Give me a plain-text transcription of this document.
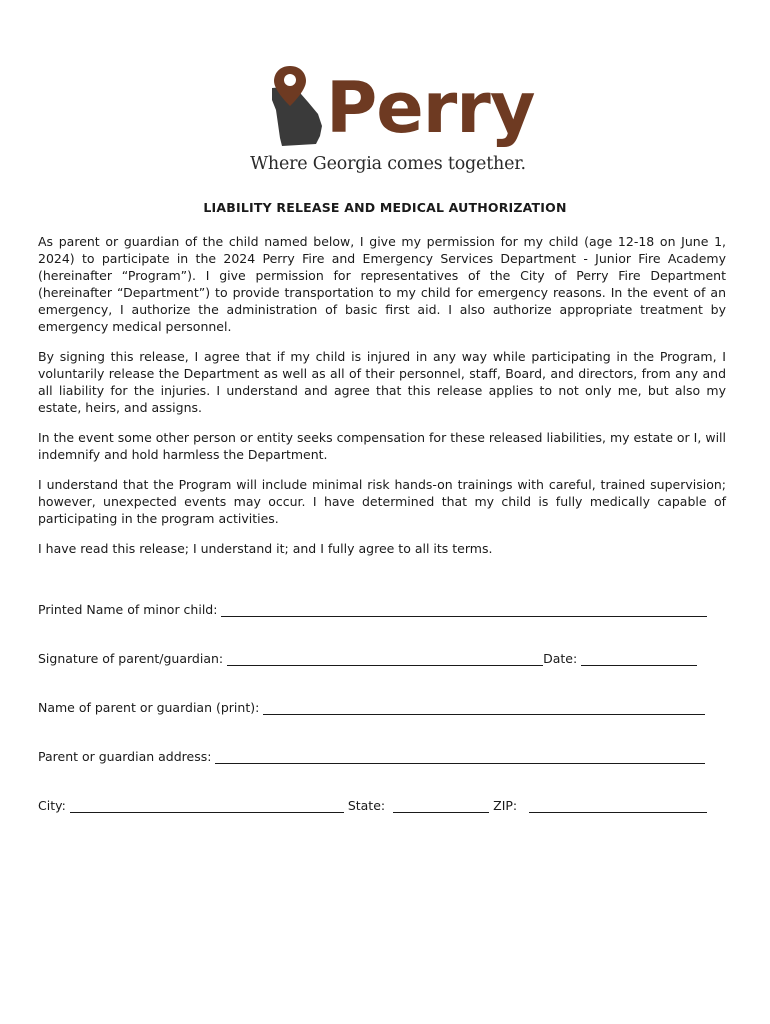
Perry
Where Georgia comes together.
LIABILITY RELEASE AND MEDICAL AUTHORIZATION

As parent or guardian of the child named below, I give my permission for my child (age 12-18 on June 1, 2024) to participate in the 2024 Perry Fire and Emergency Services Department - Junior Fire Academy (hereinafter “Program”). I give permission for representatives of the City of Perry Fire Department (hereinafter “Department”) to provide transportation to my child for emergency reasons. In the event of an emergency, I authorize the administration of basic first aid. I also authorize appropriate treatment by emergency medical personnel.

By signing this release, I agree that if my child is injured in any way while participating in the Program, I voluntarily release the Department as well as all of their personnel, staff, Board, and directors, from any and all liability for the injuries. I understand and agree that this release applies to not only me, but also my estate, heirs, and assigns.

In the event some other person or entity seeks compensation for these released liabilities, my estate or I, will indemnify and hold harmless the Department.

I understand that the Program will include minimal risk hands-on trainings with careful, trained supervision; however, unexpected events may occur. I have determined that my child is fully medically capable of participating in the program activities.

I have read this release; I understand it; and I fully agree to all its terms.

Printed Name of minor child:
Signature of parent/guardian:	Date:
Name of parent or guardian (print):
Parent or guardian address:
City:	State:	ZIP:
